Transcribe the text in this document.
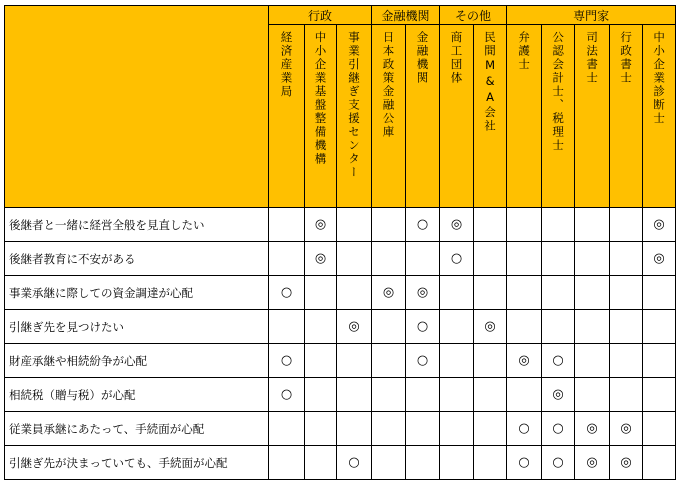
	行政			金融機関		その他		専門家				
	経済産業局	中小企業基盤整備機構	事業引継ぎ支援センター	日本政策金融公庫	金融機関	商工団体	民間M&A会社	弁護士	公認会計士、税理士	司法書士	行政書士	中小企業診断士
後継者と一緒に経営全般を見直したい		◎			○	◎						◎
後継者教育に不安がある		◎				○						◎
事業承継に際しての資金調達が心配	○			◎	◎							
引継ぎ先を見つけたい			◎		○		◎					
財産承継や相続紛争が心配	○				○			◎	○			
相続税（贈与税）が心配	○								◎			
従業員承継にあたって、手続面が心配								○	○	◎	◎	
引継ぎ先が決まっていても、手続面が心配			○					○	○	◎	◎	
